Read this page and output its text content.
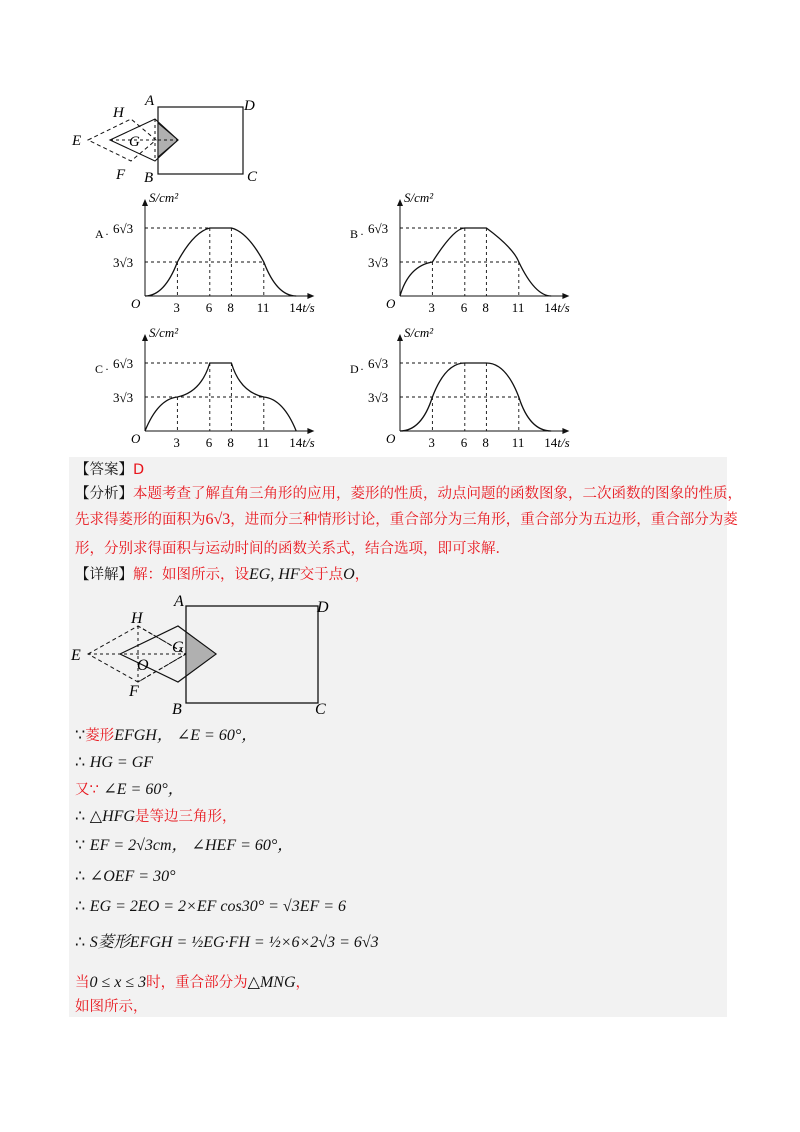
A	D
C
B
E
F
H
G
A · 6√3
3√3
O	3 6 8 11 14 t/s
S/cm²
B · 6√3
3√3
O	3 6 8 11 14 t/s
S/cm²
C · 6√3
3√3
O	3 6 8 11 14 t/s
S/cm²
D · 6√3
3√3
O	3 6 8 11 14 t/s
S/cm²
【答案】D
【分析】本题考查了解直角三角形的应用，菱形的性质，动点问题的函数图象，二次函数的图象的性质，
先求得菱形的面积为6√3，进而分三种情形讨论，重合部分为三角形，重合部分为五边形，重合部分为菱
形，分别求得面积与运动时间的函数关系式，结合选项，即可求解．
【详解】解：如图所示，设EG, HF交于点O，
A	D
C
B
E
F
H
G
O
∵菱形EFGH， ∠E = 60°，
∴ HG = GF
又∵ ∠E = 60°，
∴ △HFG是等边三角形，
∵ EF = 2√3cm， ∠HEF = 60°，
∴ ∠OEF = 30°
∴ EG = 2EO = 2×EF cos30° = √3EF = 6
∴ S菱形EFGH = ½EG·FH = ½×6×2√3 = 6√3
当0 ≤ x ≤ 3时，重合部分为△MNG，
如图所示，
